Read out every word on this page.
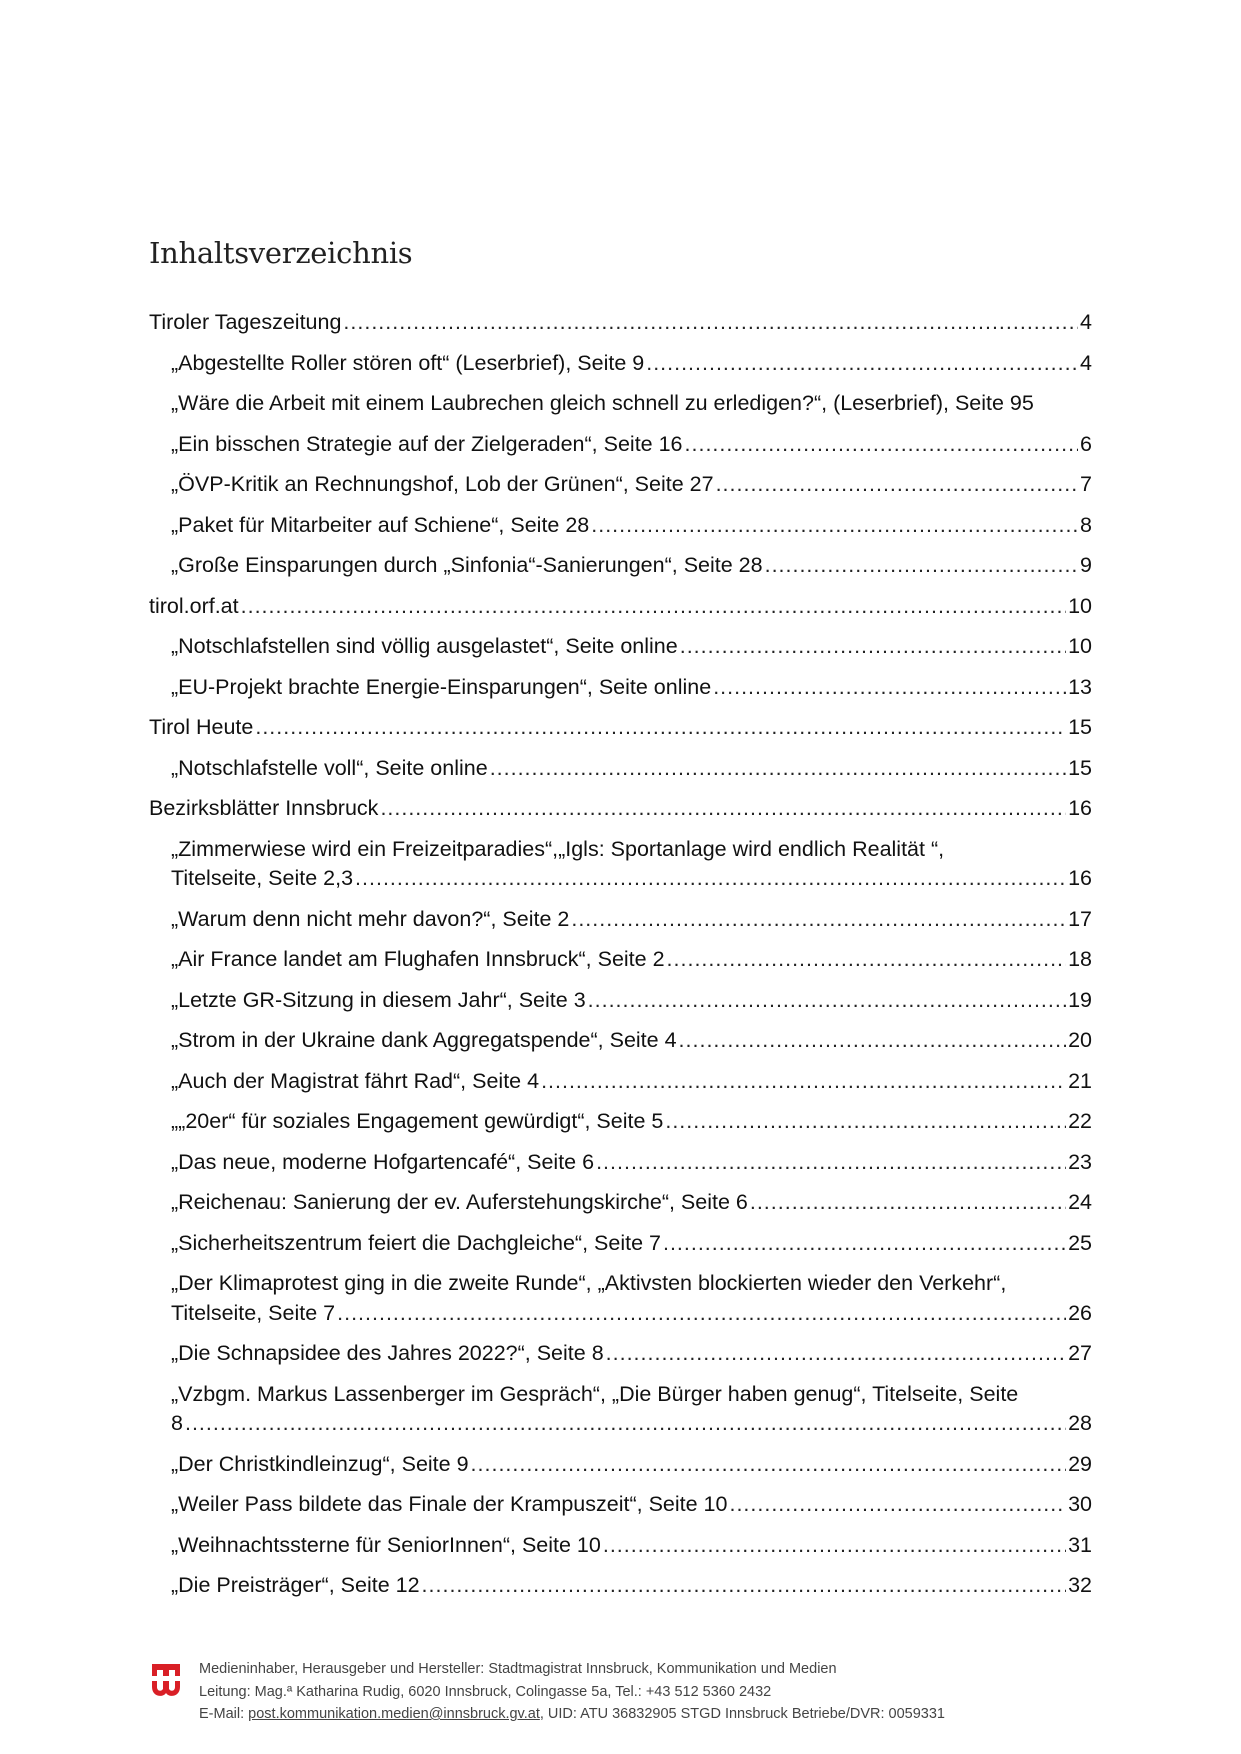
Inhaltsverzeichnis
Tiroler Tageszeitung .....	4
„Abgestellte Roller stören oft“ (Leserbrief), Seite 9 .....	4
„Wäre die Arbeit mit einem Laubrechen gleich schnell zu erledigen?“, (Leserbrief), Seite 9 5
„Ein bisschen Strategie auf der Zielgeraden“, Seite 16 .....	6
„ÖVP-Kritik an Rechnungshof, Lob der Grünen“, Seite 27 .....	7
„Paket für Mitarbeiter auf Schiene“, Seite 28 .....	8
„Große Einsparungen durch „Sinfonia“-Sanierungen“, Seite 28 .....	9
tirol.orf.at .....	10
„Notschlafstellen sind völlig ausgelastet“, Seite online .....	10
„EU-Projekt brachte Energie-Einsparungen“, Seite online .....	13
Tirol Heute .....	15
„Notschlafstelle voll“, Seite online .....	15
Bezirksblätter Innsbruck .....	16
„Zimmerwiese wird ein Freizeitparadies“,„Igls: Sportanlage wird endlich Realität “,
Titelseite, Seite 2,3 .....	16
„Warum denn nicht mehr davon?“, Seite 2 .....	17
„Air France landet am Flughafen Innsbruck“, Seite 2 .....	18
„Letzte GR-Sitzung in diesem Jahr“, Seite 3 .....	19
„Strom in der Ukraine dank Aggregatspende“, Seite 4 .....	20
„Auch der Magistrat fährt Rad“, Seite 4 .....	21
„„20er“ für soziales Engagement gewürdigt“, Seite 5 .....	22
„Das neue, moderne Hofgartencafé“, Seite 6 .....	23
„Reichenau: Sanierung der ev. Auferstehungskirche“, Seite 6 .....	24
„Sicherheitszentrum feiert die Dachgleiche“, Seite 7 .....	25
„Der Klimaprotest ging in die zweite Runde“, „Aktivsten blockierten wieder den Verkehr“,
Titelseite, Seite 7 .....	26
„Die Schnapsidee des Jahres 2022?“, Seite 8 .....	27
„Vzbgm. Markus Lassenberger im Gespräch“, „Die Bürger haben genug“, Titelseite, Seite
8 .....	28
„Der Christkindleinzug“, Seite 9 .....	29
„Weiler Pass bildete das Finale der Krampuszeit“, Seite 10 .....	30
„Weihnachtssterne für SeniorInnen“, Seite 10 .....	31
„Die Preisträger“, Seite 12 .....	32
Medieninhaber, Herausgeber und Hersteller: Stadtmagistrat Innsbruck, Kommunikation und Medien
Leitung: Mag.ª Katharina Rudig, 6020 Innsbruck, Colingasse 5a, Tel.: +43 512 5360 2432
E-Mail: post.kommunikation.medien@innsbruck.gv.at, UID: ATU 36832905 STGD Innsbruck Betriebe/DVR: 0059331
